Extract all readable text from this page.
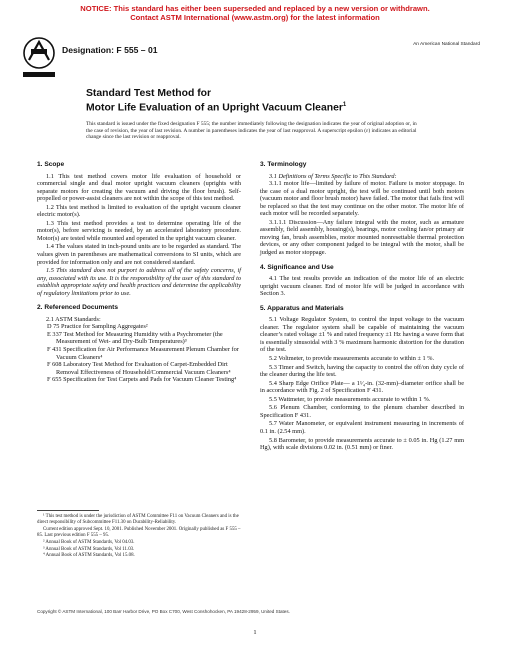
NOTICE: This standard has either been superseded and replaced by a new version or withdrawn.
Contact ASTM International (www.astm.org) for the latest information
Designation: F 555 – 01
An American National Standard
Standard Test Method for
Motor Life Evaluation of an Upright Vacuum Cleaner$^1$
This standard is issued under the fixed designation F 555; the number immediately following the designation indicates the year of original adoption or, in the case of revision, the year of last revision. A number in parentheses indicates the year of last reapproval. A superscript epsilon (ε) indicates an editorial change since the last revision or reapproval.
1. Scope

1.1 This test method covers motor life evaluation of household or commercial single and dual motor upright vacuum cleaners (uprights with separate motors for creating the vacuum and driving the floor brush). Self-propelled or power-assist cleaners are not within the scope of this test method.

1.2 This test method is limited to evaluation of the upright vacuum cleaner electric motor(s).

1.3 This test method provides a test to determine operating life of the motor(s), before servicing is needed, by an accelerated laboratory procedure. Motor(s) are tested while mounted and operated in the upright vacuum cleaner.

1.4 The values stated in inch-pound units are to be regarded as standard. The values given in parentheses are mathematical conversions to SI units, which are provided for information only and are not considered standard.

1.5 This standard does not purport to address all of the safety concerns, if any, associated with its use. It is the responsibility of the user of this standard to establish appropriate safety and health practices and determine the applicability of regulatory limitations prior to use.

2. Referenced Documents

2.1 ASTM Standards:

D 75 Practice for Sampling Aggregates²

E 337 Test Method for Measuring Humidity with a Psychrometer (the Measurement of Wet- and Dry-Bulb Temperatures)³

F 431 Specification for Air Performance Measurement Plenum Chamber for Vacuum Cleaners⁴

F 608 Laboratory Test Method for Evaluation of Carpet-Embedded Dirt Removal Effectiveness of Household/Commercial Vacuum Cleaners⁴

F 655 Specification for Test Carpets and Pads for Vacuum Cleaner Testing⁴

¹ This test method is under the jurisdiction of ASTM Committee F11 on Vacuum Cleaners and is the direct responsibility of Subcommittee F11.30 on Durability-Reliability.

Current edition approved Sept. 10, 2001. Published November 2001. Originally published as F 555 – 85. Last previous edition F 555 – 95.

² Annual Book of ASTM Standards, Vol 04.03.

³ Annual Book of ASTM Standards, Vol 11.03.

⁴ Annual Book of ASTM Standards, Vol 15.08.

3. Terminology

3.1 Definitions of Terms Specific to This Standard:

3.1.1 motor life—limited by failure of motor. Failure is motor stoppage. In the case of a dual motor upright, the test will be continued until both motors (vacuum motor and floor brush motor) have failed. The motor that fails first will be replaced so that the test may continue on the other motor. The motor life of each motor will be recorded separately.

3.1.1.1 Discussion—Any failure integral with the motor, such as armature assembly, field assembly, housing(s), bearings, motor cooling fan/or primary air moving fan, brush assemblies, motor mounted nonresettable thermal protection devices, or any other component judged to be integral with the motor, shall be judged as motor stoppage.

4. Significance and Use

4.1 The test results provide an indication of the motor life of an electric upright vacuum cleaner. End of motor life will be judged in accordance with Section 3.

5. Apparatus and Materials

5.1 Voltage Regulator System, to control the input voltage to the vacuum cleaner. The regulator system shall be capable of maintaining the vacuum cleaner’s rated voltage ±1 % and rated frequency ±1 Hz having a wave form that is essentially sinusoidal with 3 % maximum harmonic distortion for the duration of the test.

5.2 Voltmeter, to provide measurements accurate to within ± 1 %.

5.3 Timer and Switch, having the capacity to control the off/on duty cycle of the cleaner during the life test.

5.4 Sharp Edge Orifice Plate— a 1¹⁄₄-in. (32-mm)–diameter orifice shall be in accordance with Fig. 2 of Specification F 431.

5.5 Wattmeter, to provide measurements accurate to within 1 %.

5.6 Plenum Chamber, conforming to the plenum chamber described in Specification F 431.

5.7 Water Manometer, or equivalent instrument measuring in increments of 0.1 in. (2.54 mm).

5.8 Barometer, to provide measurements accurate to ± 0.05 in. Hg (1.27 mm Hg), with scale divisions 0.02 in. (0.51 mm) or finer.

Copyright © ASTM International, 100 Barr Harbor Drive, PO Box C700, West Conshohocken, PA 19428-2959, United States.
1
